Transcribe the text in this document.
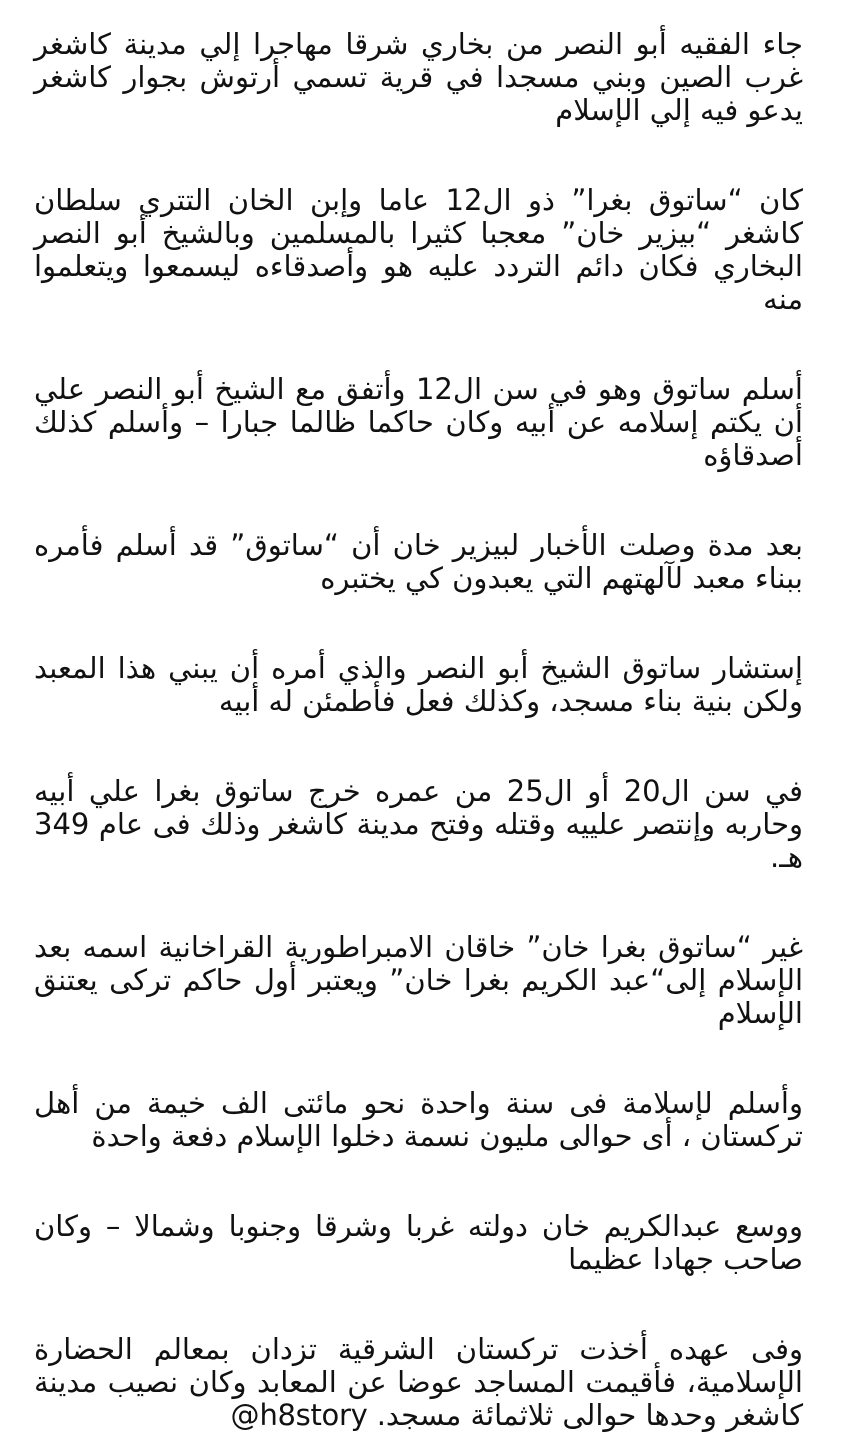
جاء الفقيه أبو النصر من بخاري شرقا مهاجرا إلي مدينة كاشغر غرب الصين وبني مسجدا في قرية تسمي أرتوش بجوار كاشغر يدعو فيه إلي الإسلام

كان “ساتوق بغرا” ذو ال12 عاما وإبن الخان التتري سلطان كاشغر “بيزير خان” معجبا كثيرا بالمسلمين وبالشيخ أبو النصر البخاري فكان دائم التردد عليه هو وأصدقاءه ليسمعوا ويتعلموا منه

أسلم ساتوق وهو في سن ال12 وأتفق مع الشيخ أبو النصر علي أن يكتم إسلامه عن أبيه وكان حاكما ظالما جبارا – وأسلم كذلك أصدقاؤه

بعد مدة وصلت الأخبار لبيزير خان أن “ساتوق” قد أسلم فأمره ببناء معبد لآلهتهم التي يعبدون كي يختبره

إستشار ساتوق الشيخ أبو النصر والذي أمره أن يبني هذا المعبد ولكن بنية بناء مسجد، وكذلك فعل فأطمئن له أبيه

في سن ال20 أو ال25 من عمره خرج ساتوق بغرا علي أبيه وحاربه وإنتصر علييه وقتله وفتح مدينة كاشغر وذلك فى عام 349 هـ.

غير “ساتوق بغرا خان” خاقان الامبراطورية القراخانية اسمه بعد الإسلام إلى“عبد الكريم بغرا خان” ويعتبر أول حاكم تركى يعتنق الإسلام

وأسلم لإسلامة فى سنة واحدة نحو مائتى الف خيمة من أهل تركستان ، أى حوالى مليون نسمة دخلوا الإسلام دفعة واحدة

ووسع عبدالكريم خان دولته غربا وشرقا وجنوبا وشمالا – وكان صاحب جهادا عظيما

وفى عهده أخذت تركستان الشرقية تزدان بمعالم الحضارة الإسلامية، فأقيمت المساجد عوضا عن المعابد وكان نصيب مدينة كاشغر وحدها حوالى ثلاثمائة مسجد. @h8story
